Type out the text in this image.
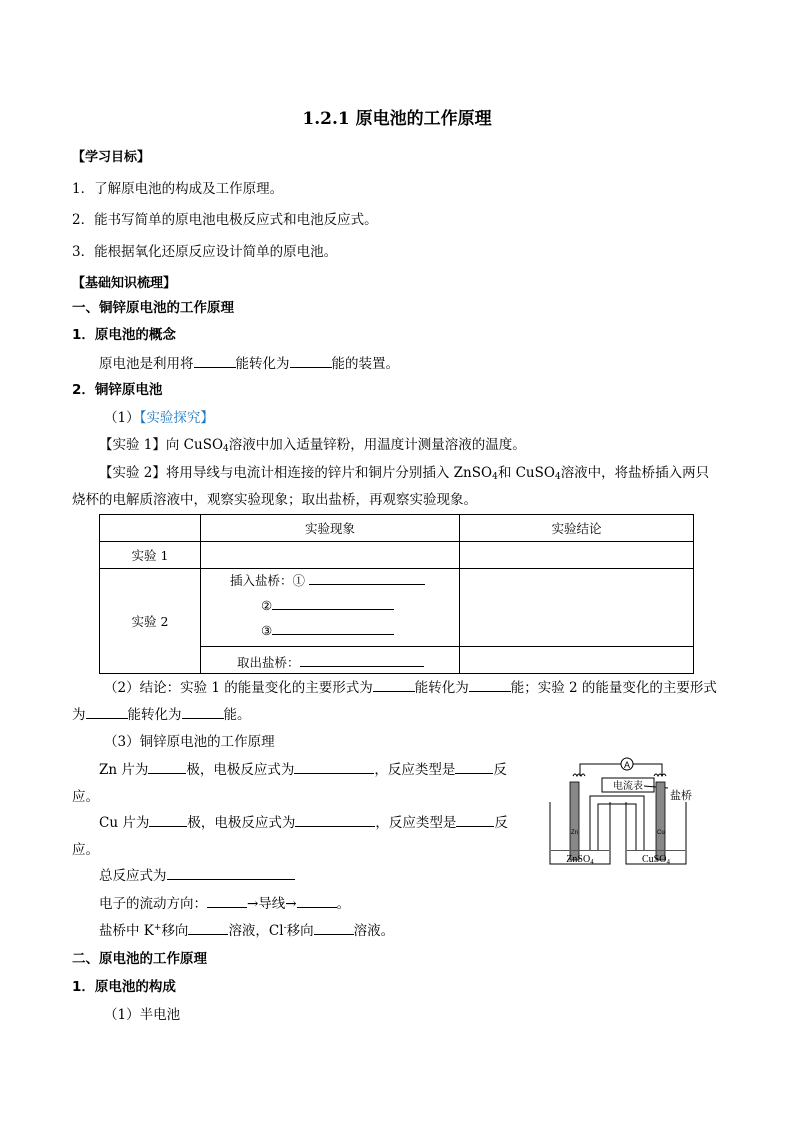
1.2.1 原电池的工作原理
【学习目标】
1．了解原电池的构成及工作原理。
2．能书写简单的原电池电极反应式和电池反应式。
3．能根据氧化还原反应设计简单的原电池。
【基础知识梳理】
一、铜锌原电池的工作原理
1．原电池的概念
原电池是利用将	能转化为	能的装置。
2．铜锌原电池
（1）【实验探究】
【实验 1】向 CuSO$_4$溶液中加入适量锌粉，用温度计测量溶液的温度。
【实验 2】将用导线与电流计相连接的锌片和铜片分别插入 ZnSO$_4$和 CuSO$_4$溶液中，将盐桥插入两只
烧杯的电解质溶液中，观察实验现象；取出盐桥，再观察实验现象。
	实验现象	实验结论
实验 1		
实验 2	插入盐桥：①
②
③	

	取出盐桥：	

（2）结论：实验 1 的能量变化的主要形式为	能转化为	能；实验 2 的能量变化的主要形式
为	能转化为	能。
（3）铜锌原电池的工作原理
Zn 片为	极，电极反应式为	，反应类型是	反
应。
Cu 片为	极，电极反应式为	，反应类型是	反
应。
总反应式为
电子的流动方向：	→导线→	。
盐桥中 K+移向	溶液，Cl-移向	溶液。
A
电流表
盐桥
Zn	Cu
ZnSO$_4$	CuSO$_4$
二、原电池的工作原理
1．原电池的构成
（1）半电池
